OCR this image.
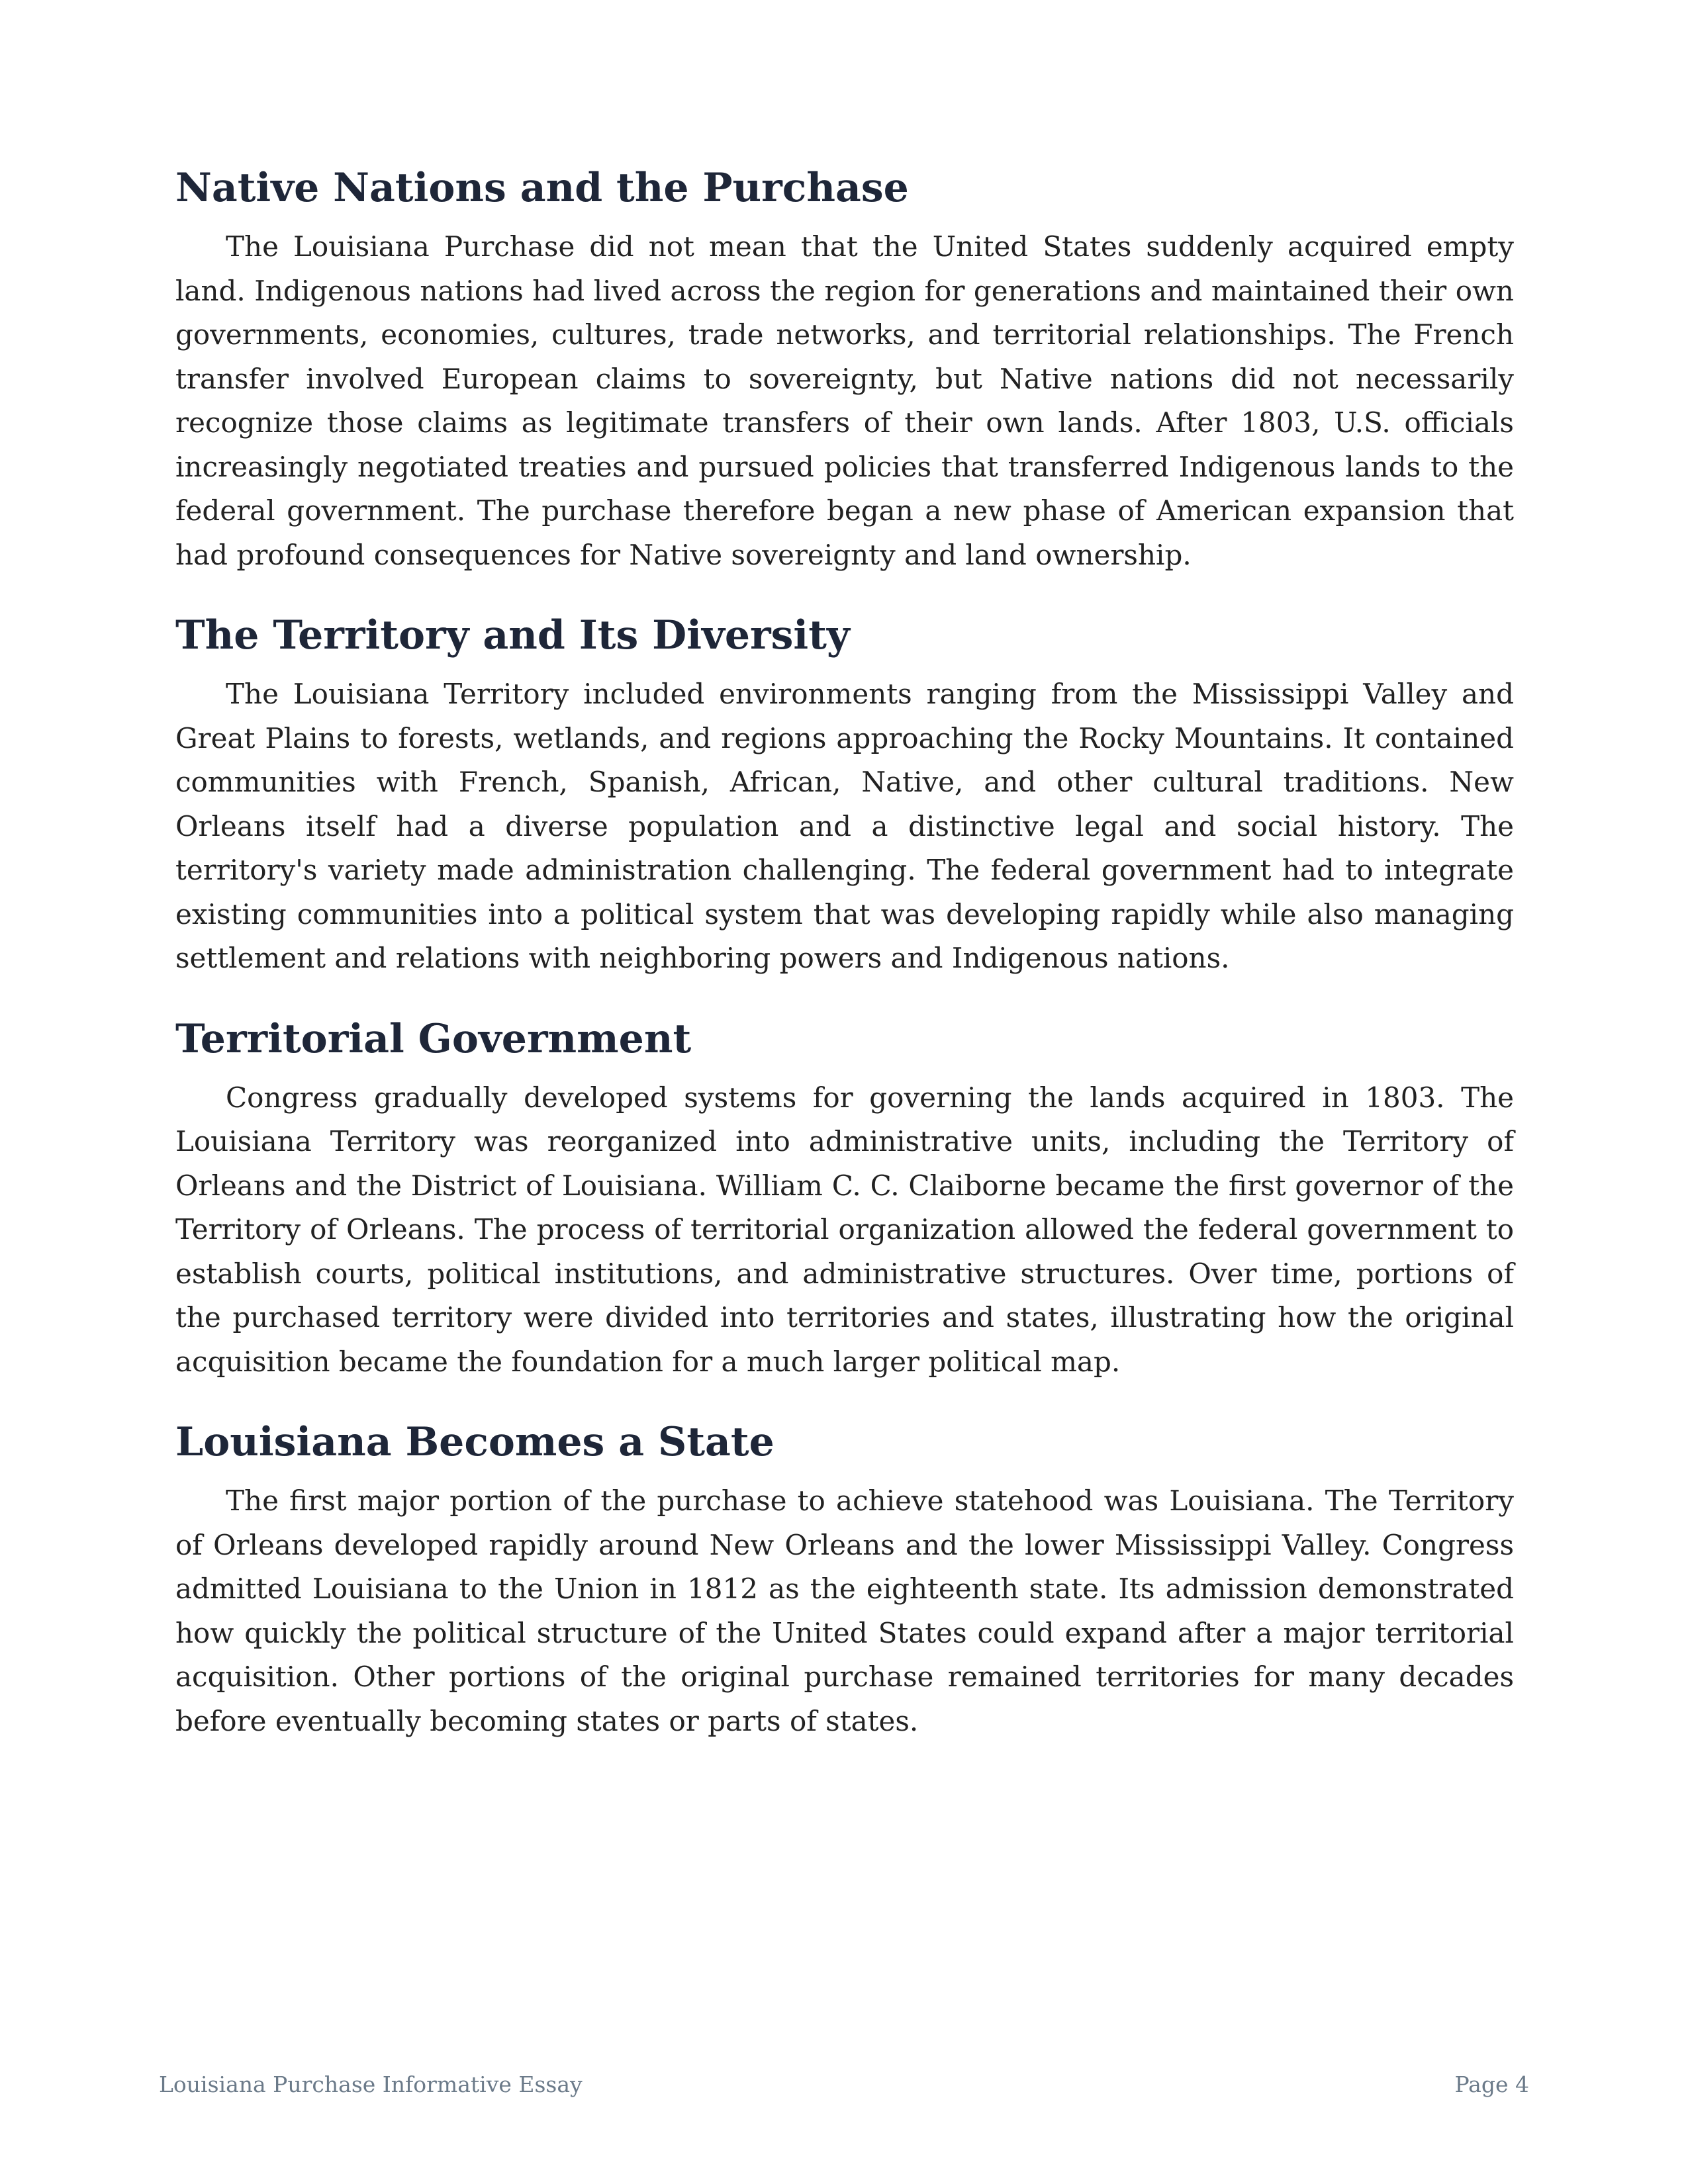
Native Nations and the Purchase

The Louisiana Purchase did not mean that the United States suddenly acquired empty land. Indigenous nations had lived across the region for generations and maintained their own governments, economies, cultures, trade networks, and territorial relationships. The French transfer involved European claims to sovereignty, but Native nations did not necessarily recognize those claims as legitimate transfers of their own lands. After 1803, U.S. officials increasingly negotiated treaties and pursued policies that transferred Indigenous lands to the federal government. The purchase therefore began a new phase of American expansion that had profound consequences for Native sovereignty and land ownership.

The Territory and Its Diversity

The Louisiana Territory included environments ranging from the Mississippi Valley and Great Plains to forests, wetlands, and regions approaching the Rocky Mountains. It contained communities with French, Spanish, African, Native, and other cultural traditions. New Orleans itself had a diverse population and a distinctive legal and social history. The territory's variety made administration challenging. The federal government had to integrate existing communities into a political system that was developing rapidly while also managing settlement and relations with neighboring powers and Indigenous nations.

Territorial Government

Congress gradually developed systems for governing the lands acquired in 1803. The Louisiana Territory was reorganized into administrative units, including the Territory of Orleans and the District of Louisiana. William C. C. Claiborne became the first governor of the Territory of Orleans. The process of territorial organization allowed the federal government to establish courts, political institutions, and administrative structures. Over time, portions of the purchased territory were divided into territories and states, illustrating how the original acquisition became the foundation for a much larger political map.

Louisiana Becomes a State

The first major portion of the purchase to achieve statehood was Louisiana. The Territory of Orleans developed rapidly around New Orleans and the lower Mississippi Valley. Congress admitted Louisiana to the Union in 1812 as the eighteenth state. Its admission demonstrated how quickly the political structure of the United States could expand after a major territorial acquisition. Other portions of the original purchase remained territories for many decades before eventually becoming states or parts of states.

Louisiana Purchase Informative Essay	Page 4
